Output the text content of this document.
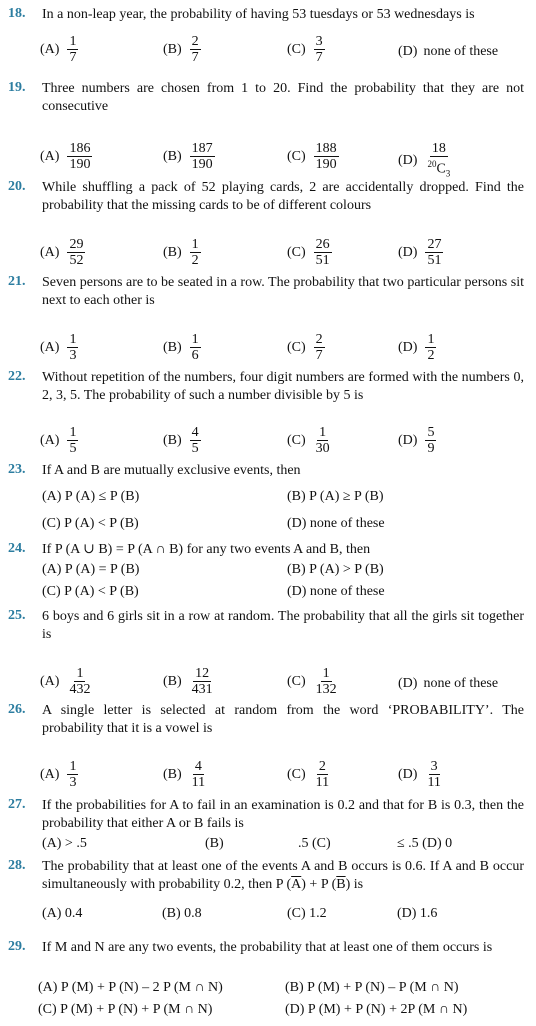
18. In a non-leap year, the probability of having 53 tuesdays or 53 wednesdays is
$(A) \frac{1}{7}$	$(B) \frac{2}{7}$	$(C) \frac{3}{7}$	(D) none of these
19. Three numbers are chosen from 1 to 20. Find the probability that they are not consecutive
$(A) \frac{186}{190}$	$(B) \frac{187}{190}$	$(C) \frac{188}{190}$	$(D) \frac{18}{^{20}C_3}$
20. While shuffling a pack of 52 playing cards, 2 are accidentally dropped. Find the probability that the missing cards to be of different colours
$(A) \frac{29}{52}$	$(B) \frac{1}{2}$	$(C) \frac{26}{51}$	$(D) \frac{27}{51}$
21. Seven persons are to be seated in a row. The probability that two particular persons sit next to each other is
$(A) \frac{1}{3}$	$(B) \frac{1}{6}$	$(C) \frac{2}{7}$	$(D) \frac{1}{2}$
22. Without repetition of the numbers, four digit numbers are formed with the numbers 0, 2, 3, 5. The probability of such a number divisible by 5 is
$(A) \frac{1}{5}$	$(B) \frac{4}{5}$	$(C) \frac{1}{30}$	$(D) \frac{5}{9}$
23. If A and B are mutually exclusive events, then
(A) P (A) ≤ P (B)	(B) P (A) ≥ P (B)
(C) P (A) < P (B)	(D) none of these
24. If P (A ∪ B) = P (A ∩ B) for any two events A and B, then
(A) P (A) = P (B)	(B) P (A) > P (B)
(C) P (A) < P (B)	(D) none of these
25. 6 boys and 6 girls sit in a row at random. The probability that all the girls sit together is
$(A) \frac{1}{432}$	$(B) \frac{12}{431}$	$(C) \frac{1}{132}$	(D) none of these
26. A single letter is selected at random from the word ‘PROBABILITY’. The probability that it is a vowel is
$(A) \frac{1}{3}$	$(B) \frac{4}{11}$	$(C) \frac{2}{11}$	$(D) \frac{3}{11}$
27. If the probabilities for A to fail in an examination is 0.2 and that for B is 0.3, then the probability that either A or B fails is
(A) > .5	(B)	.5 (C)	≤ .5 (D) 0
28. The probability that at least one of the events A and B occurs is 0.6. If A and B occur simultaneously with probability 0.2, then P $(\overline{A}) + P$ $(\overline{B})$ is
(A) 0.4	(B) 0.8	(C) 1.2	(D) 1.6
29. If M and N are any two events, the probability that at least one of them occurs is
(A) P (M) + P (N) – 2 P (M ∩ N)	(B) P (M) + P (N) – P (M ∩ N)
(C) P (M) + P (N) + P (M ∩ N)	(D) P (M) + P (N) + 2P (M ∩ N)
